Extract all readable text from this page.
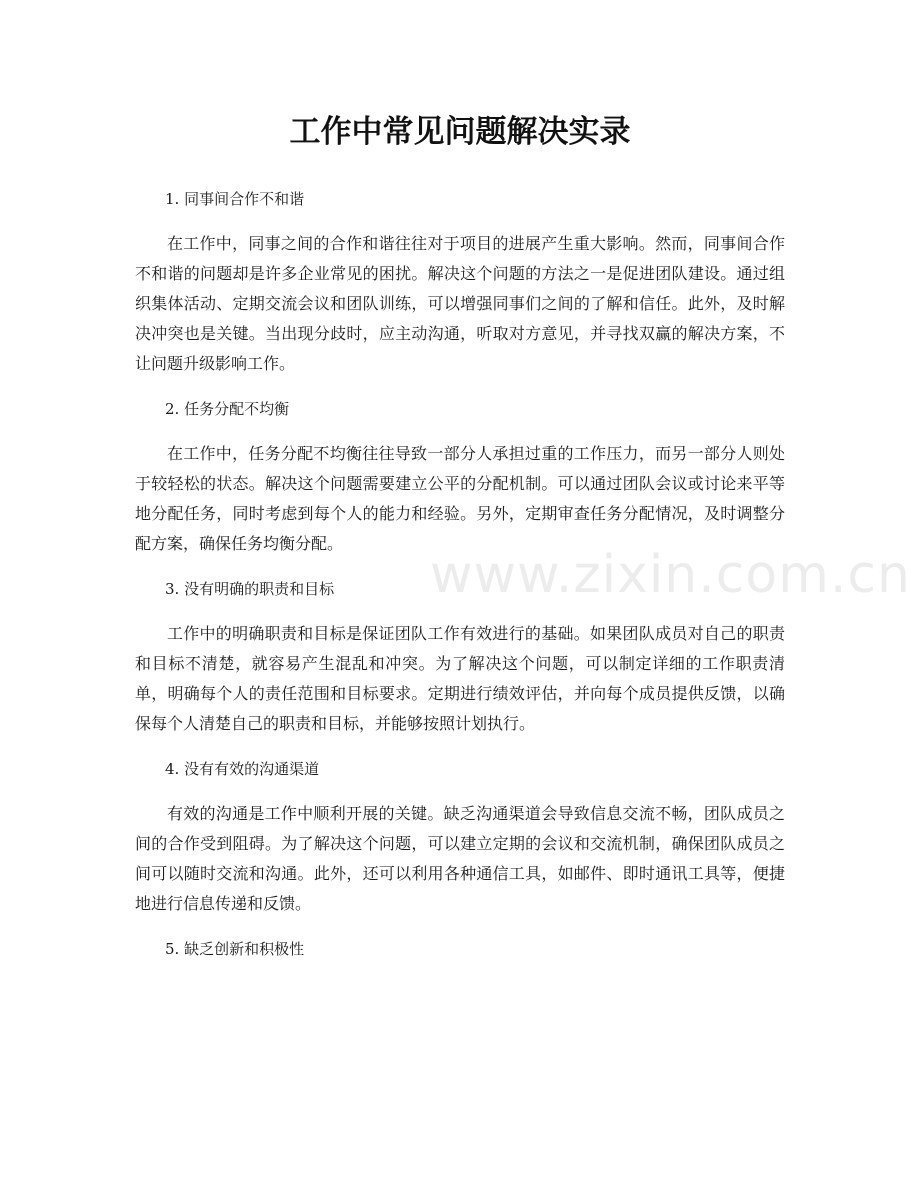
工作中常见问题解决实录

1. 同事间合作不和谐

在工作中，同事之间的合作和谐往往对于项目的进展产生重大影响。然而，同事间合作不和谐的问题却是许多企业常见的困扰。解决这个问题的方法之一是促进团队建设。通过组织集体活动、定期交流会议和团队训练，可以增强同事们之间的了解和信任。此外，及时解决冲突也是关键。当出现分歧时，应主动沟通，听取对方意见，并寻找双赢的解决方案，不让问题升级影响工作。

2. 任务分配不均衡

在工作中，任务分配不均衡往往导致一部分人承担过重的工作压力，而另一部分人则处于较轻松的状态。解决这个问题需要建立公平的分配机制。可以通过团队会议或讨论来平等地分配任务，同时考虑到每个人的能力和经验。另外，定期审查任务分配情况，及时调整分配方案，确保任务均衡分配。

3. 没有明确的职责和目标

工作中的明确职责和目标是保证团队工作有效进行的基础。如果团队成员对自己的职责和目标不清楚，就容易产生混乱和冲突。为了解决这个问题，可以制定详细的工作职责清单，明确每个人的责任范围和目标要求。定期进行绩效评估，并向每个成员提供反馈，以确保每个人清楚自己的职责和目标，并能够按照计划执行。

4. 没有有效的沟通渠道

有效的沟通是工作中顺利开展的关键。缺乏沟通渠道会导致信息交流不畅，团队成员之间的合作受到阻碍。为了解决这个问题，可以建立定期的会议和交流机制，确保团队成员之间可以随时交流和沟通。此外，还可以利用各种通信工具，如邮件、即时通讯工具等，便捷地进行信息传递和反馈。

5. 缺乏创新和积极性

www.zixin.com.cn
